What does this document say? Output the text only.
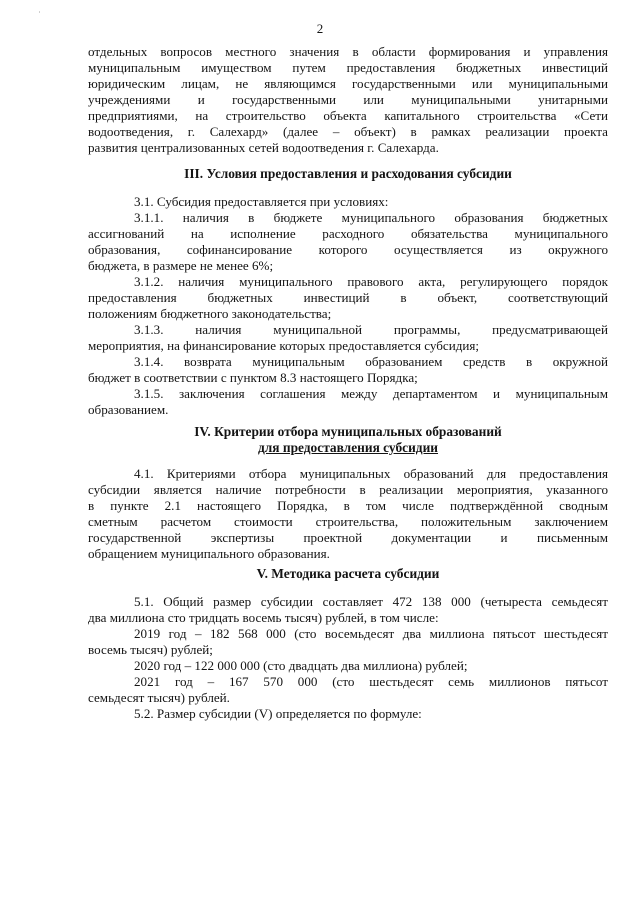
˙
2
отдельных вопросов местного значения в области формирования и управления
муниципальным имуществом путем предоставления бюджетных инвестиций
юридическим лицам, не являющимся государственными или муниципальными
учреждениями и государственными или муниципальными унитарными
предприятиями, на строительство объекта капитального строительства «Сети
водоотведения, г. Салехард» (далее – объект) в рамках реализации проекта
развития централизованных сетей водоотведения г. Салехарда.
III. Условия предоставления и расходования субсидии
3.1. Субсидия предоставляется при условиях:
3.1.1. наличия в бюджете муниципального образования бюджетных
ассигнований на исполнение расходного обязательства муниципального
образования, софинансирование которого осуществляется из окружного
бюджета, в размере не менее 6%;
3.1.2. наличия муниципального правового акта, регулирующего порядок
предоставления бюджетных инвестиций в объект, соответствующий
положениям бюджетного законодательства;
3.1.3. наличия муниципальной программы, предусматривающей
мероприятия, на финансирование которых предоставляется субсидия;
3.1.4. возврата муниципальным образованием средств в окружной
бюджет в соответствии с пунктом 8.3 настоящего Порядка;
3.1.5. заключения соглашения между департаментом и муниципальным
образованием.
IV. Критерии отбора муниципальных образований
для предоставления субсидии
4.1. Критериями отбора муниципальных образований для предоставления
субсидии является наличие потребности в реализации мероприятия, указанного
в пункте 2.1 настоящего Порядка, в том числе подтверждённой сводным
сметным расчетом стоимости строительства, положительным заключением
государственной экспертизы проектной документации и письменным
обращением муниципального образования.
V. Методика расчета субсидии
5.1. Общий размер субсидии составляет 472 138 000 (четыреста семьдесят
два миллиона сто тридцать восемь тысяч) рублей, в том числе:
2019 год – 182 568 000 (сто восемьдесят два миллиона пятьсот шестьдесят
восемь тысяч) рублей;
2020 год – 122 000 000 (сто двадцать два миллиона) рублей;
2021 год – 167 570 000 (сто шестьдесят семь миллионов пятьсот
семьдесят тысяч) рублей.
5.2. Размер субсидии (V) определяется по формуле:
